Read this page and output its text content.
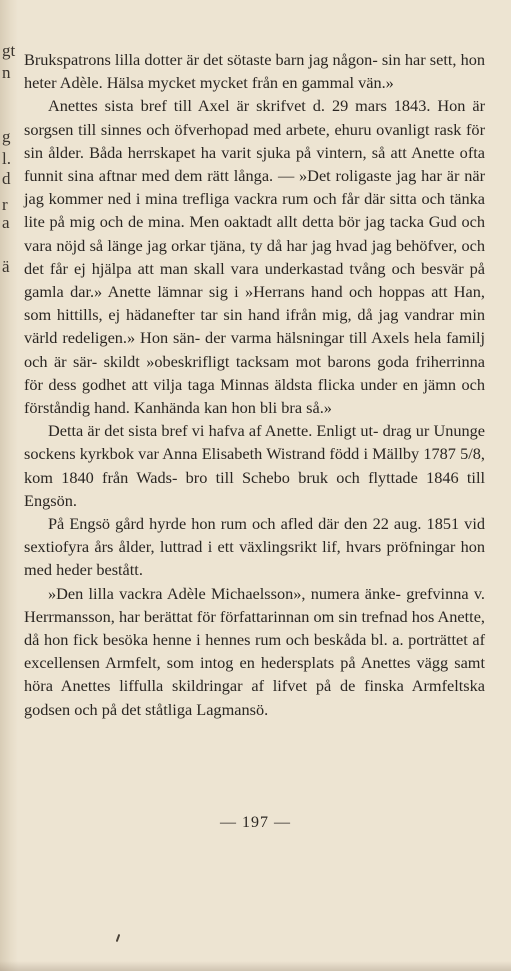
gt
n
g
l.
d
r
a
ä

Brukspatrons lilla dotter är det sötaste barn jag någon- sin har sett, hon heter Adèle. Hälsa mycket mycket från en gammal vän.»

Anettes sista bref till Axel är skrifvet d. 29 mars 1843. Hon är sorgsen till sinnes och öfverhopad med arbete, ehuru ovanligt rask för sin ålder. Båda herrskapet ha varit sjuka på vintern, så att Anette ofta funnit sina aftnar med dem rätt långa. — »Det roligaste jag har är när jag kommer ned i mina trefliga vackra rum och får där sitta och tänka lite på mig och de mina. Men oaktadt allt detta bör jag tacka Gud och vara nöjd så länge jag orkar tjäna, ty då har jag hvad jag behöfver, och det får ej hjälpa att man skall vara underkastad tvång och besvär på gamla dar.» Anette lämnar sig i »Herrans hand och hoppas att Han, som hittills, ej hädanefter tar sin hand ifrån mig, då jag vandrar min värld redeligen.» Hon sän- der varma hälsningar till Axels hela familj och är sär- skildt »obeskrifligt tacksam mot barons goda friherrinna för dess godhet att vilja taga Minnas äldsta flicka under en jämn och förståndig hand. Kanhända kan hon bli bra så.»

Detta är det sista bref vi hafva af Anette. Enligt ut- drag ur Ununge sockens kyrkbok var Anna Elisabeth Wistrand född i Mällby 1787 5/8, kom 1840 från Wads- bro till Schebo bruk och flyttade 1846 till Engsön.

På Engsö gård hyrde hon rum och afled där den 22 aug. 1851 vid sextiofyra års ålder, luttrad i ett växlingsrikt lif, hvars pröfningar hon med heder bestått.

»Den lilla vackra Adèle Michaelsson», numera änke- grefvinna v. Herrmansson, har berättat för författarinnan om sin trefnad hos Anette, då hon fick besöka henne i hennes rum och beskåda bl. a. porträttet af excellensen Armfelt, som intog en hedersplats på Anettes vägg samt höra Anettes liffulla skildringar af lifvet på de finska Armfeltska godsen och på det ståtliga Lagmansö.

— 197 —
